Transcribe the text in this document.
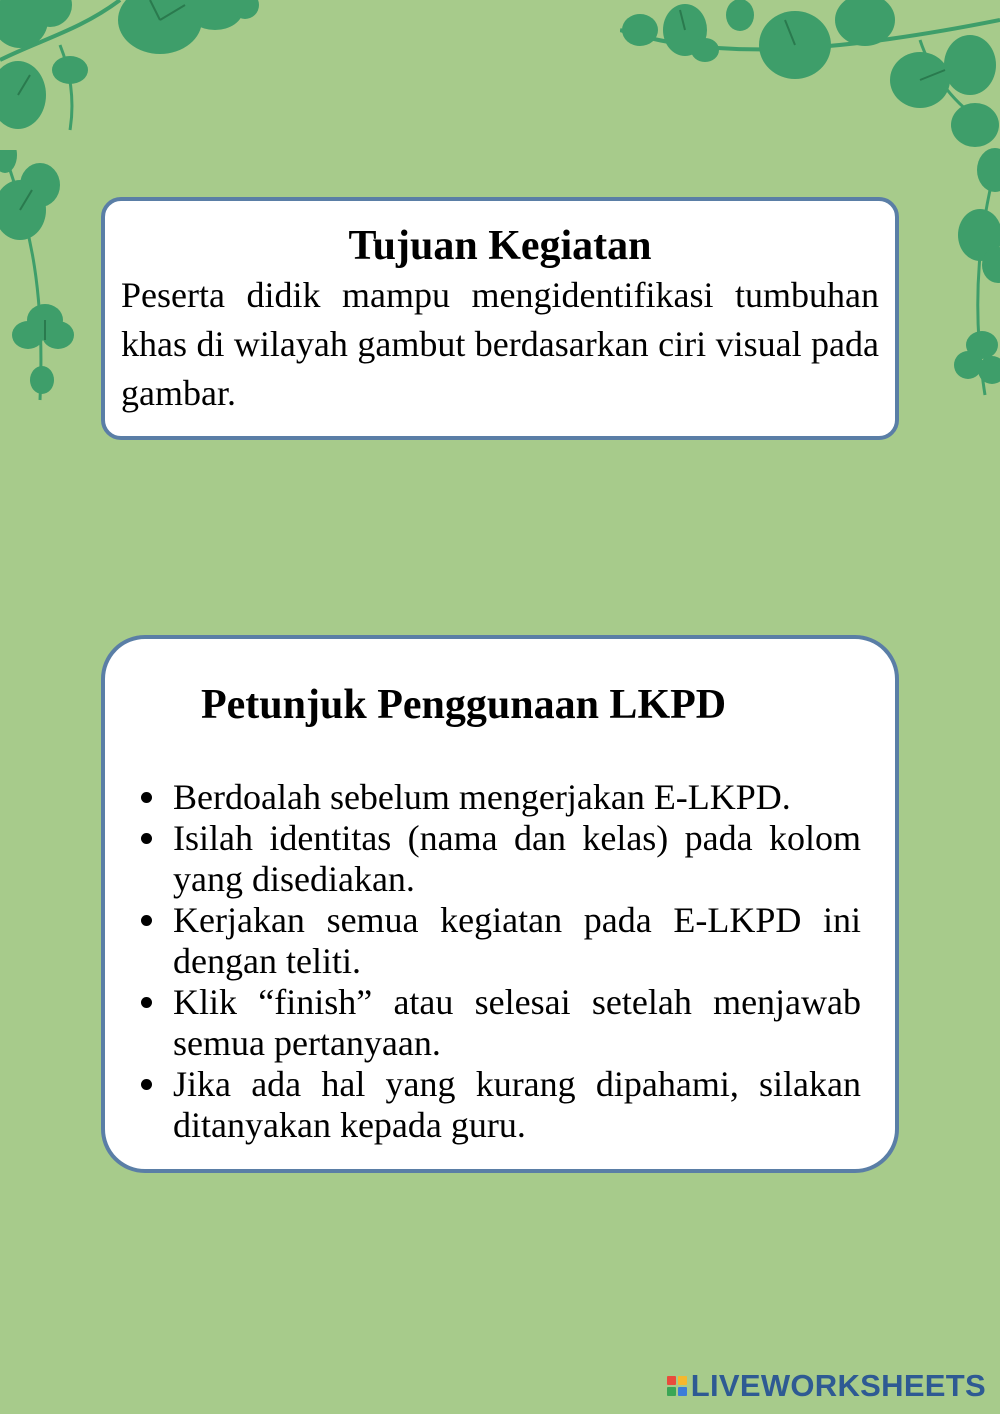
Tujuan Kegiatan

Peserta didik mampu mengidentifikasi tumbuhan khas di wilayah gambut berdasarkan ciri visual pada gambar.

Petunjuk Penggunaan LKPD
Berdoalah sebelum mengerjakan E-LKPD.
Isilah identitas (nama dan kelas) pada kolom yang disediakan.
Kerjakan semua kegiatan pada E-LKPD ini dengan teliti.
Klik “finish” atau selesai setelah menjawab semua pertanyaan.
Jika ada hal yang kurang dipahami, silakan ditanyakan kepada guru.
LIVEWORKSHEETS
